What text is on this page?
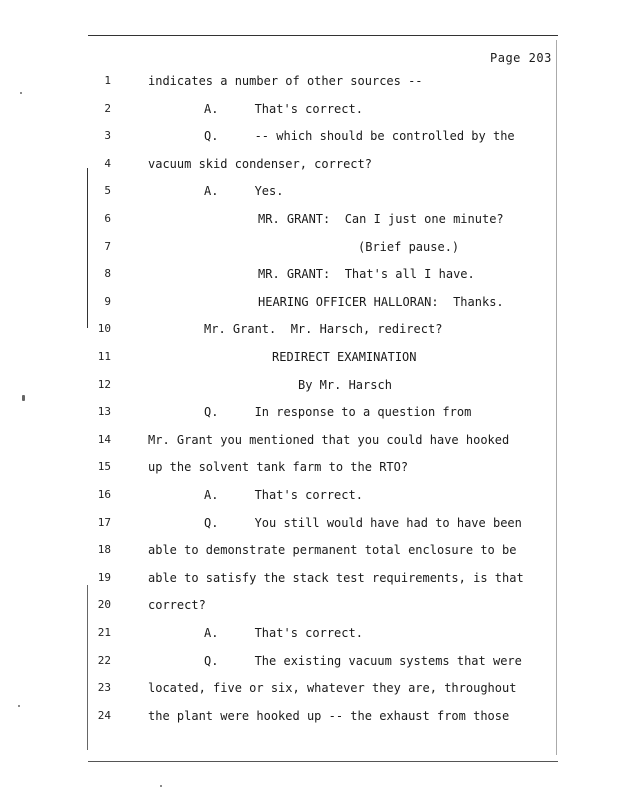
Page 203
1	indicates a number of other sources --
2	A.     That's correct.
3	Q.     -- which should be controlled by the
4	vacuum skid condenser, correct?
5	A.     Yes.
6	MR. GRANT:  Can I just one minute?
7	(Brief pause.)
8	MR. GRANT:  That's all I have.
9	HEARING OFFICER HALLORAN:  Thanks.
10	Mr. Grant.  Mr. Harsch, redirect?
11	REDIRECT EXAMINATION
12	By Mr. Harsch
13	Q.     In response to a question from
14	Mr. Grant you mentioned that you could have hooked
15	up the solvent tank farm to the RTO?
16	A.     That's correct.
17	Q.     You still would have had to have been
18	able to demonstrate permanent total enclosure to be
19	able to satisfy the stack test requirements, is that
20	correct?
21	A.     That's correct.
22	Q.     The existing vacuum systems that were
23	located, five or six, whatever they are, throughout
24	the plant were hooked up -- the exhaust from those
